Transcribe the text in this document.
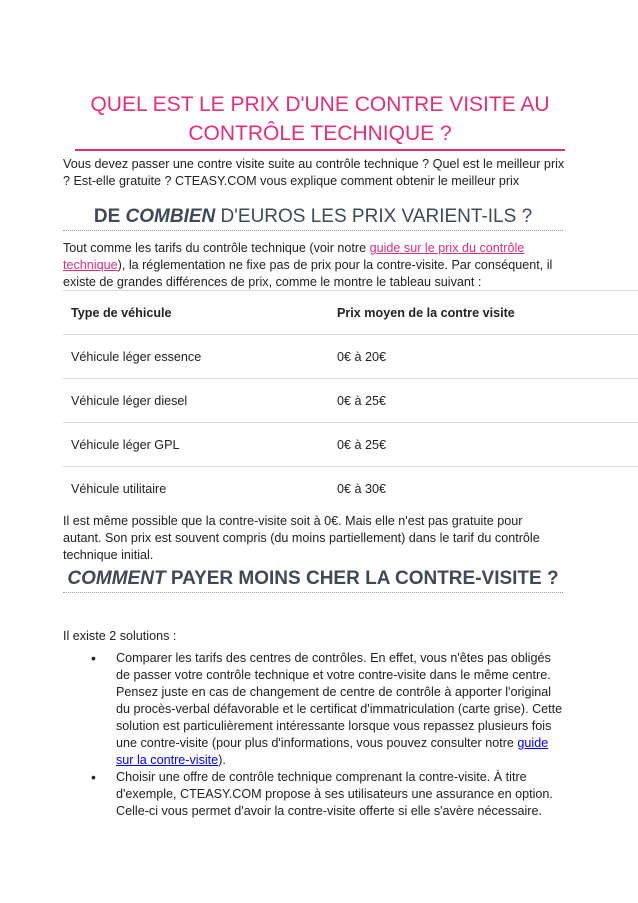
QUEL EST LE PRIX D'UNE CONTRE VISITE AU CONTRÔLE TECHNIQUE ?

Vous devez passer une contre visite suite au contrôle technique ? Quel est le meilleur prix ? Est-elle gratuite ? CTEASY.COM vous explique comment obtenir le meilleur prix

DE COMBIEN D'EUROS LES PRIX VARIENT-ILS ?

Tout comme les tarifs du contrôle technique (voir notre guide sur le prix du contrôle technique), la réglementation ne fixe pas de prix pour la contre-visite. Par conséquent, il existe de grandes différences de prix, comme le montre le tableau suivant :

Type de véhicule	Prix moyen de la contre visite
Véhicule léger essence	0€ à 20€
Véhicule léger diesel	0€ à 25€
Véhicule léger GPL	0€ à 25€
Véhicule utilitaire	0€ à 30€

Il est même possible que la contre-visite soit à 0€. Mais elle n'est pas gratuite pour autant. Son prix est souvent compris (du moins partiellement) dans le tarif du contrôle technique initial.

COMMENT PAYER MOINS CHER LA CONTRE-VISITE ?

Il existe 2 solutions :

• Comparer les tarifs des centres de contrôles. En effet, vous n'êtes pas obligés de passer votre contrôle technique et votre contre-visite dans le même centre. Pensez juste en cas de changement de centre de contrôle à apporter l'original du procès-verbal défavorable et le certificat d'immatriculation (carte grise). Cette solution est particulièrement intéressante lorsque vous repassez plusieurs fois une contre-visite (pour plus d'informations, vous pouvez consulter notre guide sur la contre-visite).
• Choisir une offre de contrôle technique comprenant la contre-visite. À titre d'exemple, CTEASY.COM propose à ses utilisateurs une assurance en option. Celle-ci vous permet d'avoir la contre-visite offerte si elle s'avère nécessaire.
